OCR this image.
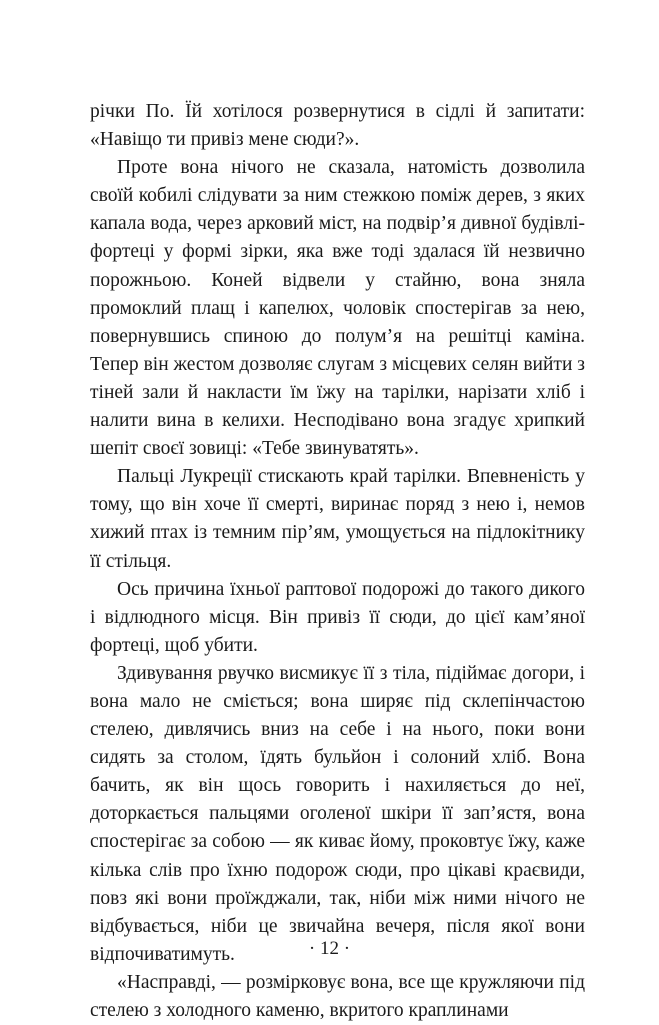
річки По. Їй хотілося розвернутися в сідлі й запитати: «Навіщо ти привіз мене сюди?».

Проте вона нічого не сказала, натомість дозволила своїй кобилі слідувати за ним стежкою поміж дерев, з яких капала вода, через арковий міст, на подвір’я дивної будівлі-фортеці у формі зірки, яка вже тоді здалася їй незвично порожньою. Коней відвели у стайню, вона зняла промоклий плащ і капелюх, чоловік спостерігав за нею, повернувшись спиною до полум’я на решітці каміна. Тепер він жестом дозволяє слугам з місцевих селян вийти з тіней зали й накласти їм їжу на тарілки, нарізати хліб і налити вина в келихи. Несподівано вона згадує хрипкий шепіт своєї зовиці: «Тебе звинуватять».

Пальці Лукреції стискають край тарілки. Впевненість у тому, що він хоче її смерті, виринає поряд з нею і, немов хижий птах із темним пір’ям, умощується на підлокітнику її стільця.

Ось причина їхньої раптової подорожі до такого дикого і відлюдного місця. Він привіз її сюди, до цієї кам’яної фортеці, щоб убити.

Здивування рвучко висмикує її з тіла, підіймає догори, і вона мало не сміється; вона ширяє під склепінчастою стелею, дивлячись вниз на себе і на нього, поки вони сидять за столом, їдять бульйон і солоний хліб. Вона бачить, як він щось говорить і нахиляється до неї, доторкається пальцями оголеної шкіри її зап’ястя, вона спостерігає за собою — як киває йому, проковтує їжу, каже кілька слів про їхню подорож сюди, про цікаві краєвиди, повз які вони проїжджали, так, ніби між ними нічого не відбувається, ніби це звичайна вечеря, після якої вони відпочиватимуть.

«Насправді, — розмірковує вона, все ще кружляючи під стелею з холодного каменю, вкритого краплинами

· 12 ·
